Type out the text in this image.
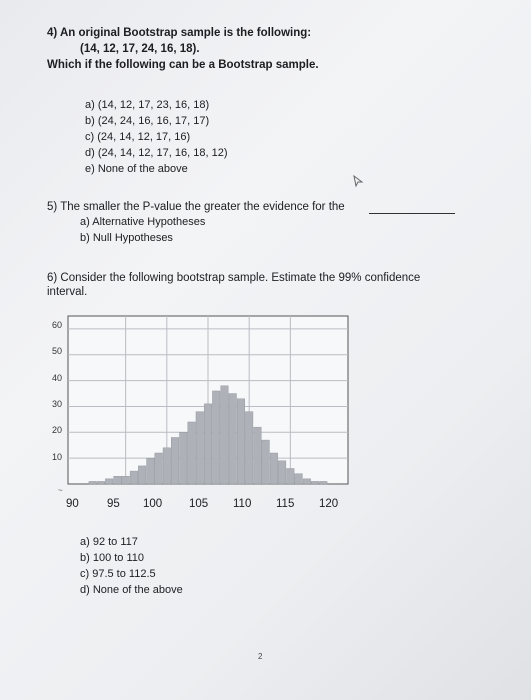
4) An original Bootstrap sample is the following:
(14, 12, 17, 24, 16, 18).
Which if the following can be a Bootstrap sample.
a) (14, 12, 17, 23, 16, 18)
b) (24, 24, 16, 16, 17, 17)
c) (24, 14, 12, 17, 16)
d) (24, 14, 12, 17, 16, 18, 12)
e) None of the above
5) The smaller the P-value the greater the evidence for the
a) Alternative Hypotheses
b) Null Hypotheses
6) Consider the following bootstrap sample. Estimate the 99% confidence
interval.
60
50
40
30
20
10
~
90 95 100 105 110 115 120
a) 92 to 117
b) 100 to 110
c) 97.5 to 112.5
d) None of the above
2
